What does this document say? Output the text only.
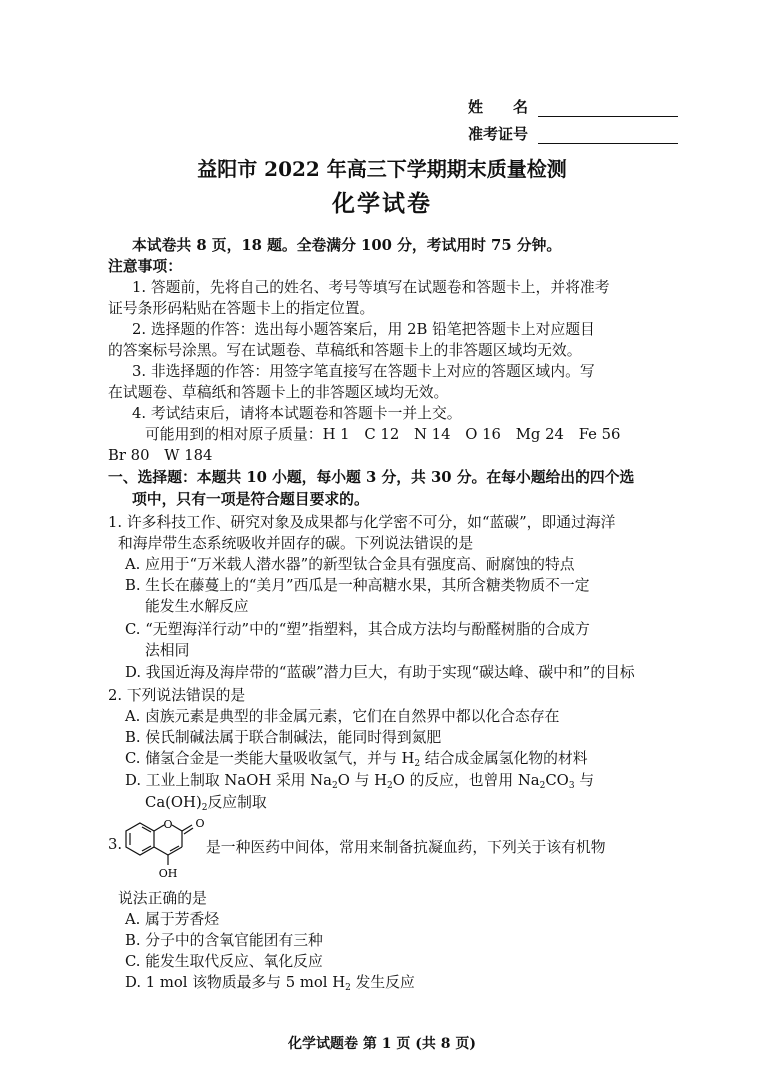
姓　　名
准考证号
益阳市 2022 年高三下学期期末质量检测
化学试卷
本试卷共 8 页，18 题。全卷满分 100 分，考试用时 75 分钟。
注意事项：
1. 答题前，先将自己的姓名、考号等填写在试题卷和答题卡上，并将准考
证号条形码粘贴在答题卡上的指定位置。
2. 选择题的作答：选出每小题答案后，用 2B 铅笔把答题卡上对应题目
的答案标号涂黑。写在试题卷、草稿纸和答题卡上的非答题区域均无效。
3. 非选择题的作答：用签字笔直接写在答题卡上对应的答题区域内。写
在试题卷、草稿纸和答题卡上的非答题区域均无效。
4. 考试结束后，请将本试题卷和答题卡一并上交。
可能用到的相对原子质量：H 1　C 12　N 14　O 16　Mg 24　Fe 56
Br 80　W 184
一、选择题：本题共 10 小题，每小题 3 分，共 30 分。在每小题给出的四个选
项中，只有一项是符合题目要求的。
1. 许多科技工作、研究对象及成果都与化学密不可分，如“蓝碳”，即通过海洋
和海岸带生态系统吸收并固存的碳。下列说法错误的是
A. 应用于“万米载人潜水器”的新型钛合金具有强度高、耐腐蚀的特点
B. 生长在藤蔓上的“美月”西瓜是一种高糖水果，其所含糖类物质不一定
能发生水解反应
C. “无塑海洋行动”中的“塑”指塑料，其合成方法均与酚醛树脂的合成方
法相同
D. 我国近海及海岸带的“蓝碳”潜力巨大，有助于实现“碳达峰、碳中和”的目标
2. 下列说法错误的是
A. 卤族元素是典型的非金属元素，它们在自然界中都以化合态存在
B. 侯氏制碱法属于联合制碱法，能同时得到氮肥
C. 储氢合金是一类能大量吸收氢气，并与 $H_2$ 结合成金属氢化物的材料
D. 工业上制取 NaOH 采用 $Na_2O$ 与 $H_2O$ 的反应，也曾用 $Na_2CO_3$ 与
$Ca(OH)_2$反应制取
3.
O O
OH
是一种医药中间体，常用来制备抗凝血药，下列关于该有机物
说法正确的是
A. 属于芳香烃
B. 分子中的含氧官能团有三种
C. 能发生取代反应、氧化反应
D. 1 mol 该物质最多与 5 mol $H_2$ 发生反应
化学试题卷 第 1 页 (共 8 页)
